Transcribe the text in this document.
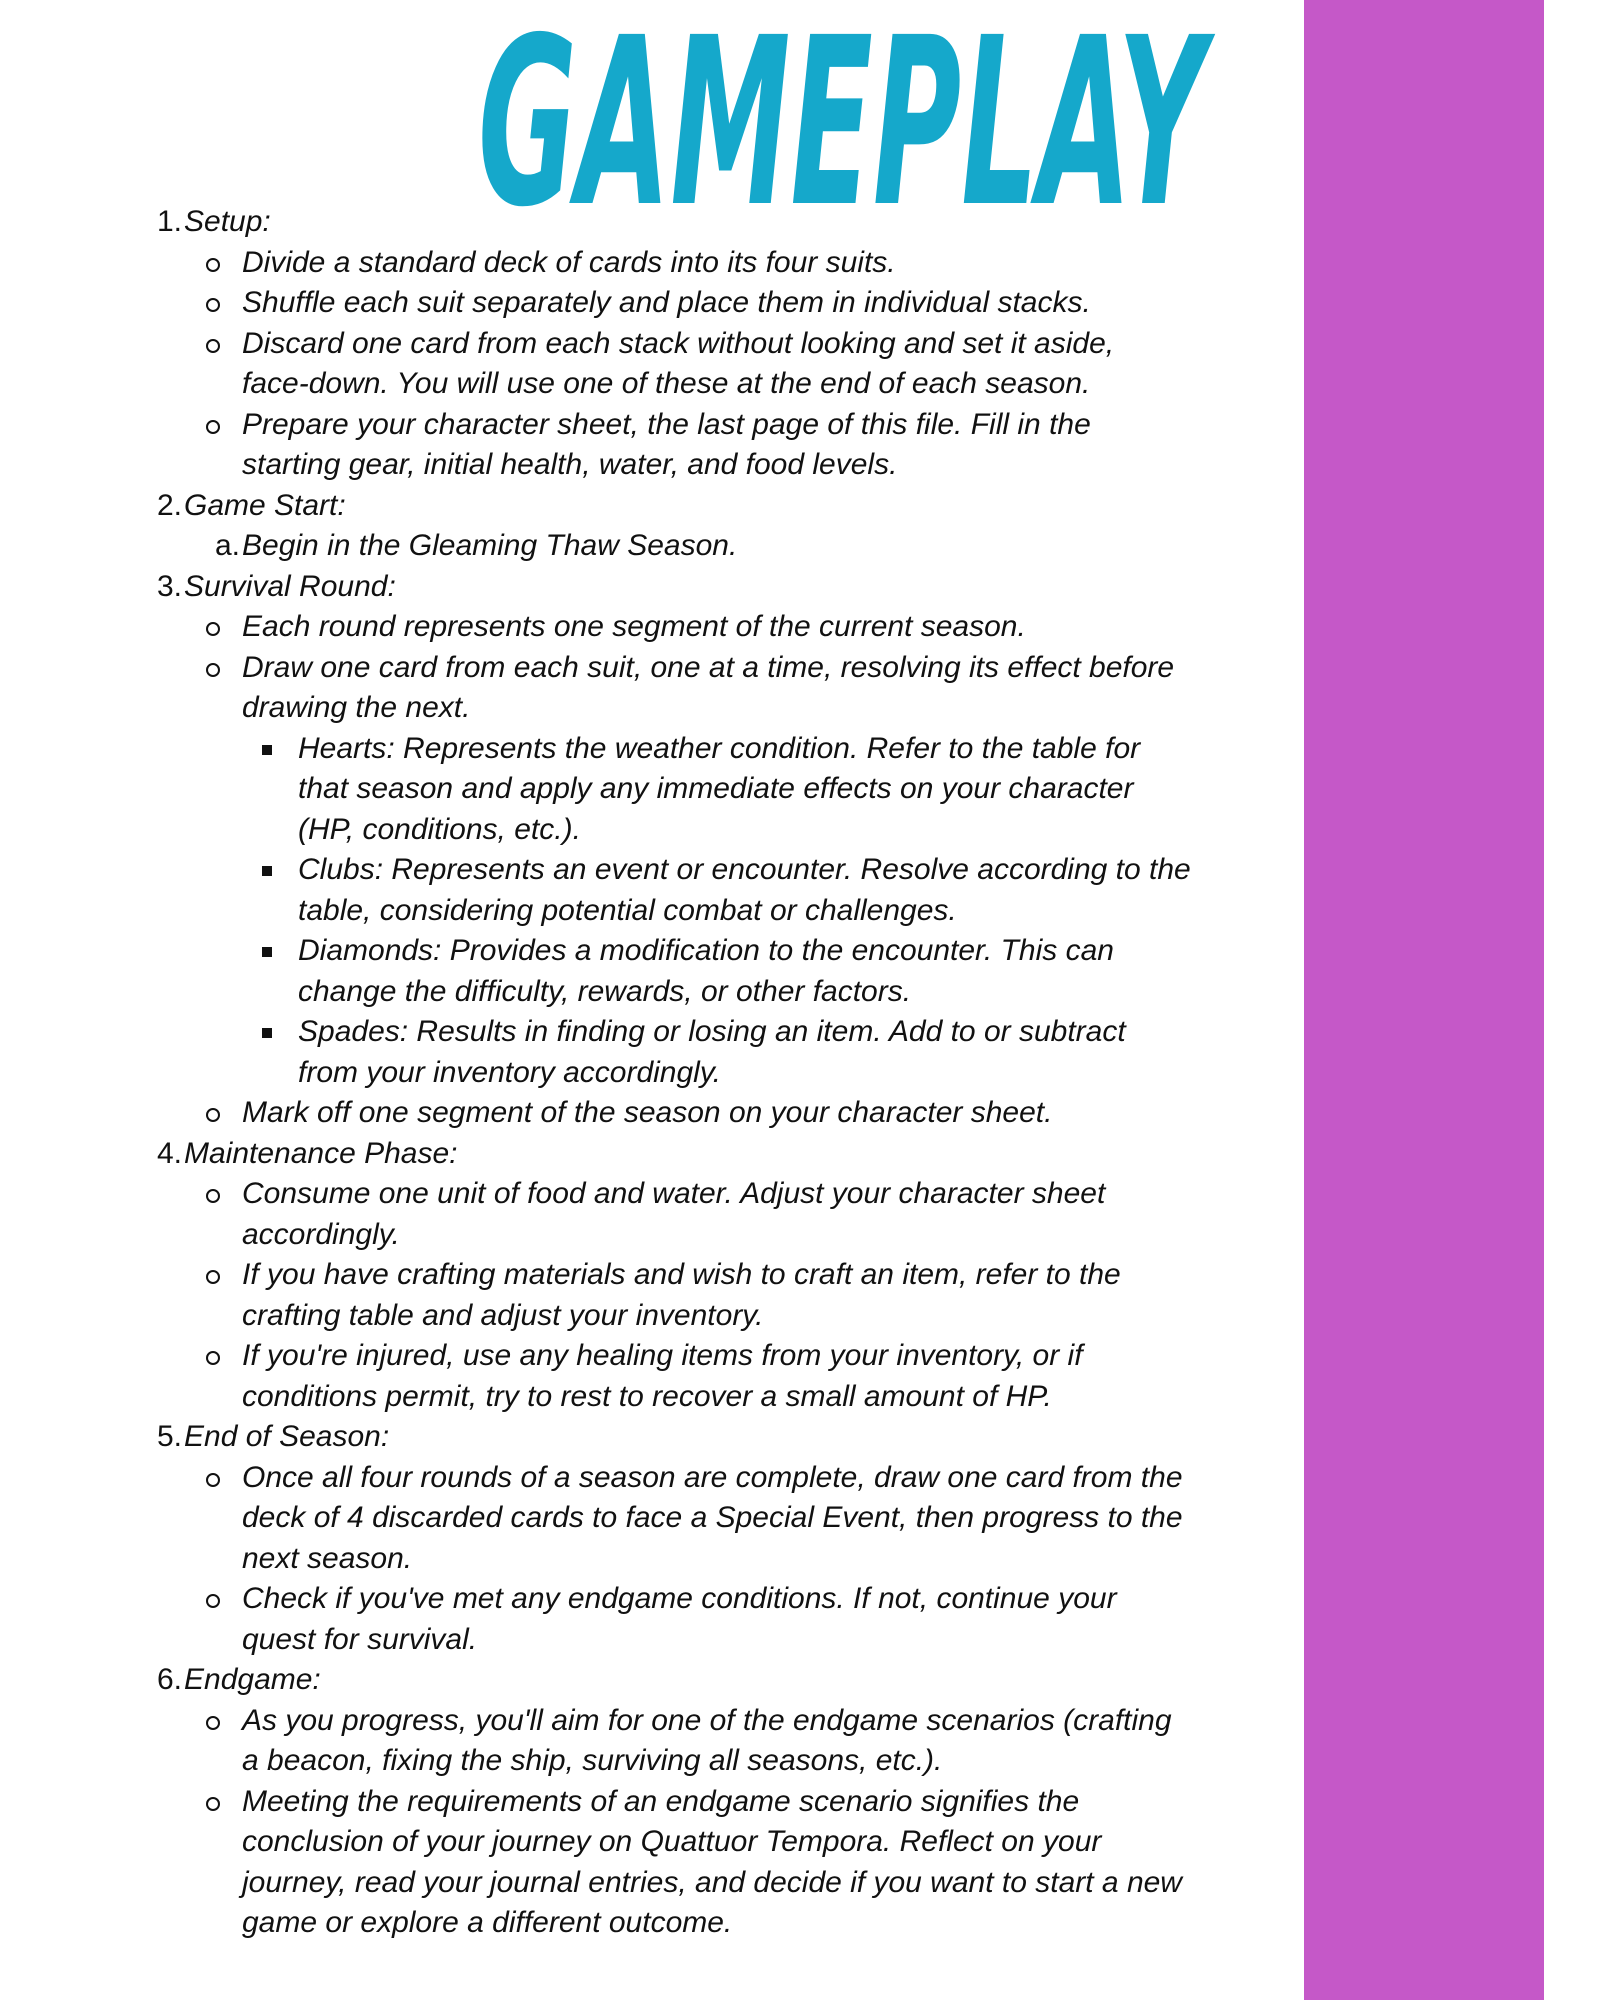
GAMEPLAY
1. Setup:
Divide a standard deck of cards into its four suits.
Shuffle each suit separately and place them in individual stacks.
Discard one card from each stack without looking and set it aside,
face-down. You will use one of these at the end of each season.
Prepare your character sheet, the last page of this file. Fill in the
starting gear, initial health, water, and food levels.
2. Game Start:
a. Begin in the Gleaming Thaw Season.
3. Survival Round:
Each round represents one segment of the current season.
Draw one card from each suit, one at a time, resolving its effect before
drawing the next.
Hearts: Represents the weather condition. Refer to the table for
that season and apply any immediate effects on your character
(HP, conditions, etc.).
Clubs: Represents an event or encounter. Resolve according to the
table, considering potential combat or challenges.
Diamonds: Provides a modification to the encounter. This can
change the difficulty, rewards, or other factors.
Spades: Results in finding or losing an item. Add to or subtract
from your inventory accordingly.
Mark off one segment of the season on your character sheet.
4. Maintenance Phase:
Consume one unit of food and water. Adjust your character sheet
accordingly.
If you have crafting materials and wish to craft an item, refer to the
crafting table and adjust your inventory.
If you're injured, use any healing items from your inventory, or if
conditions permit, try to rest to recover a small amount of HP.
5. End of Season:
Once all four rounds of a season are complete, draw one card from the
deck of 4 discarded cards to face a Special Event, then progress to the
next season.
Check if you've met any endgame conditions. If not, continue your
quest for survival.
6. Endgame:
As you progress, you'll aim for one of the endgame scenarios (crafting
a beacon, fixing the ship, surviving all seasons, etc.).
Meeting the requirements of an endgame scenario signifies the
conclusion of your journey on Quattuor Tempora. Reflect on your
journey, read your journal entries, and decide if you want to start a new
game or explore a different outcome.
